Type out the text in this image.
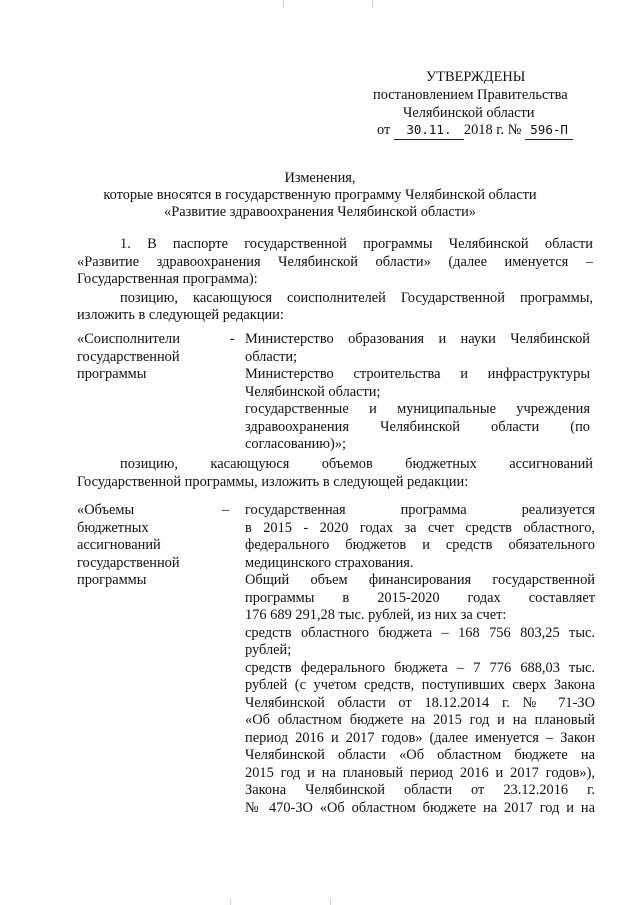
УТВЕРЖДЕНЫ
постановлением Правительства
Челябинской области
от 30.11. 2018 г. № 596-П
Изменения,
которые вносятся в государственную программу Челябинской области
«Развитие здравоохранения Челябинской области»
1. В паспорте государственной программы Челябинской области
«Развитие здравоохранения Челябинской области» (далее именуется –
Государственная программа):
позицию, касающуюся соисполнителей Государственной программы,
изложить в следующей редакции:
«Соисполнители
государственной
программы
- Министерство образования и науки Челябинской
области;
Министерство строительства и инфраструктуры
Челябинской области;
государственные и муниципальные учреждения
здравоохранения Челябинской области (по
согласованию)»;
позицию, касающуюся объемов бюджетных ассигнований
Государственной программы, изложить в следующей редакции:
«Объемы
бюджетных
ассигнований
государственной
программы
– государственная программа реализуется
в 2015 - 2020 годах за счет средств областного,
федерального бюджетов и средств обязательного
медицинского страхования.
Общий объем финансирования государственной
программы в 2015-2020 годах составляет
176 689 291,28 тыс. рублей, из них за счет:
средств областного бюджета – 168 756 803,25 тыс.
рублей;
средств федерального бюджета – 7 776 688,03 тыс.
рублей (с учетом средств, поступивших сверх Закона
Челябинской области от 18.12.2014 г. № 71-ЗО
«Об областном бюджете на 2015 год и на плановый
период 2016 и 2017 годов» (далее именуется – Закон
Челябинской области «Об областном бюджете на
2015 год и на плановый период 2016 и 2017 годов»),
Закона Челябинской области от 23.12.2016 г.
№ 470-ЗО «Об областном бюджете на 2017 год и на
